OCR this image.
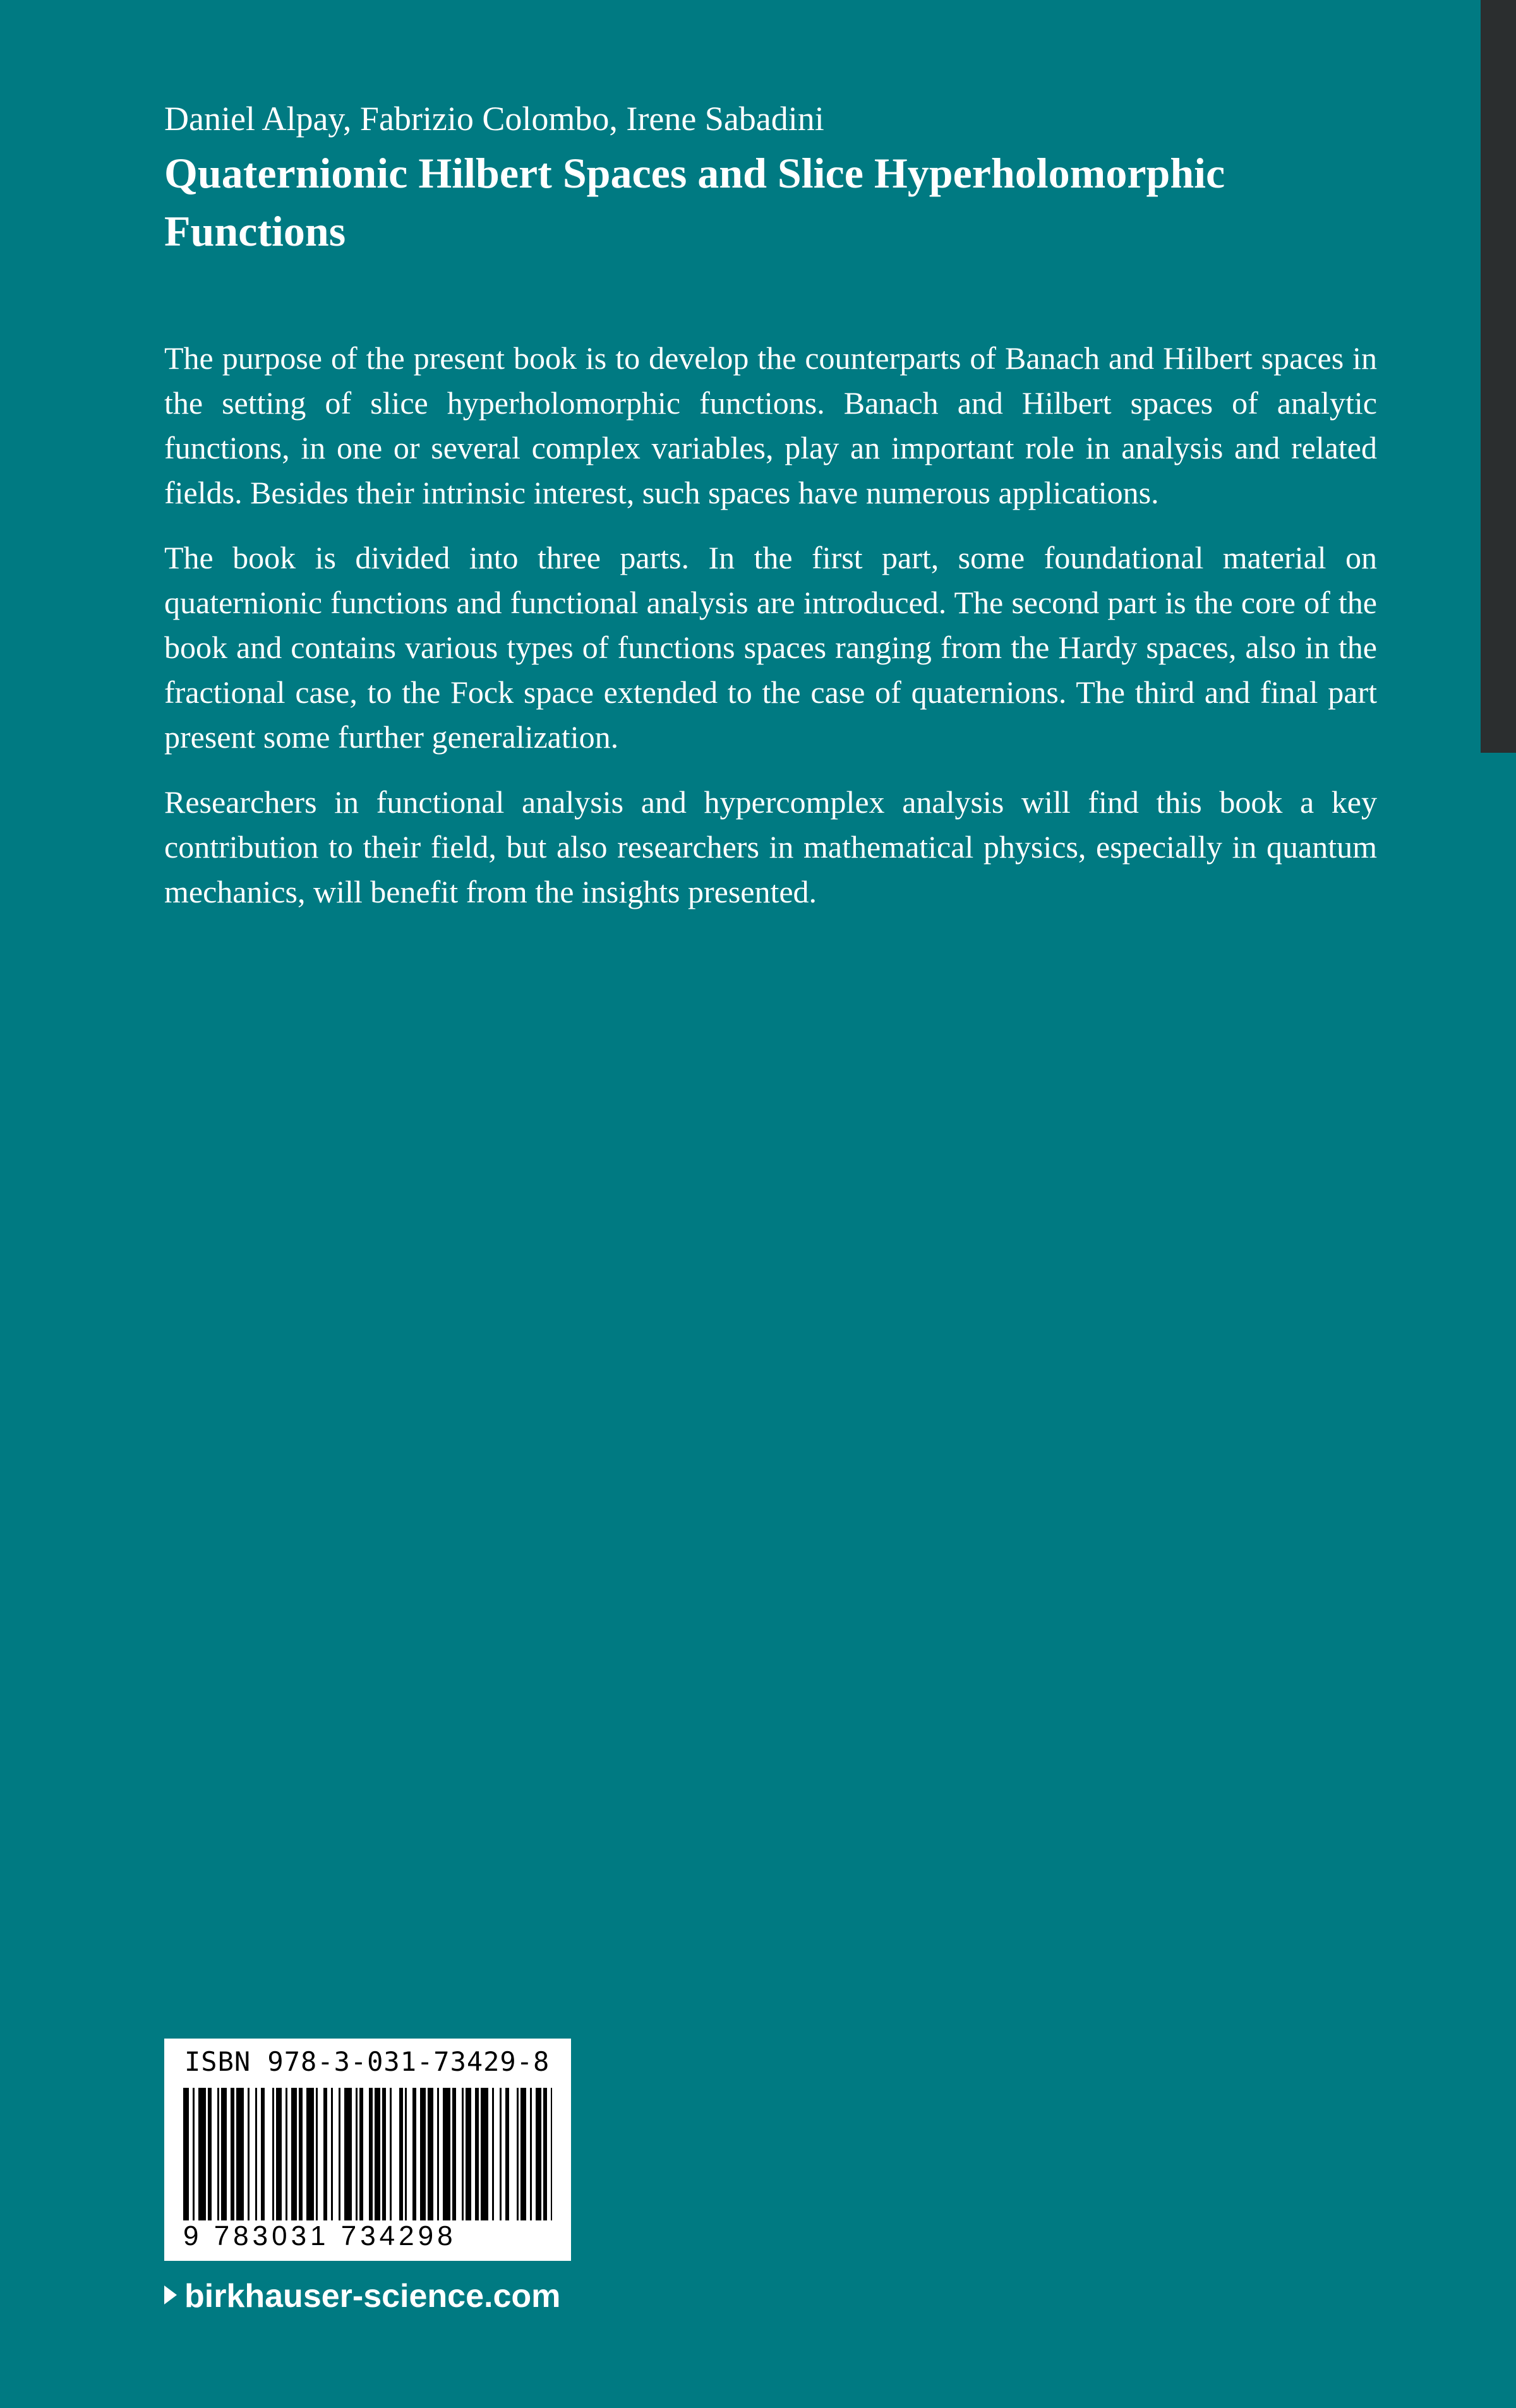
Daniel Alpay, Fabrizio Colombo, Irene Sabadini
Quaternionic Hilbert Spaces and Slice Hyperholomorphic Functions

The purpose of the present book is to develop the counterparts of Banach and Hilbert spaces in the setting of slice hyperholomorphic functions. Banach and Hilbert spaces of analytic functions, in one or several complex variables, play an important role in analysis and related fields. Besides their intrinsic interest, such spaces have numerous applications.

The book is divided into three parts. In the first part, some foundational material on quaternionic functions and functional analysis are introduced. The second part is the core of the book and contains various types of functions spaces ranging from the Hardy spaces, also in the fractional case, to the Fock space extended to the case of quaternions. The third and final part present some further generalization.

Researchers in functional analysis and hypercomplex analysis will find this book a key contribution to their field, but also researchers in mathematical physics, especially in quantum mechanics, will benefit from the insights presented.

ISBN 978-3-031-73429-8
9 783031 734298
birkhauser-science.com
